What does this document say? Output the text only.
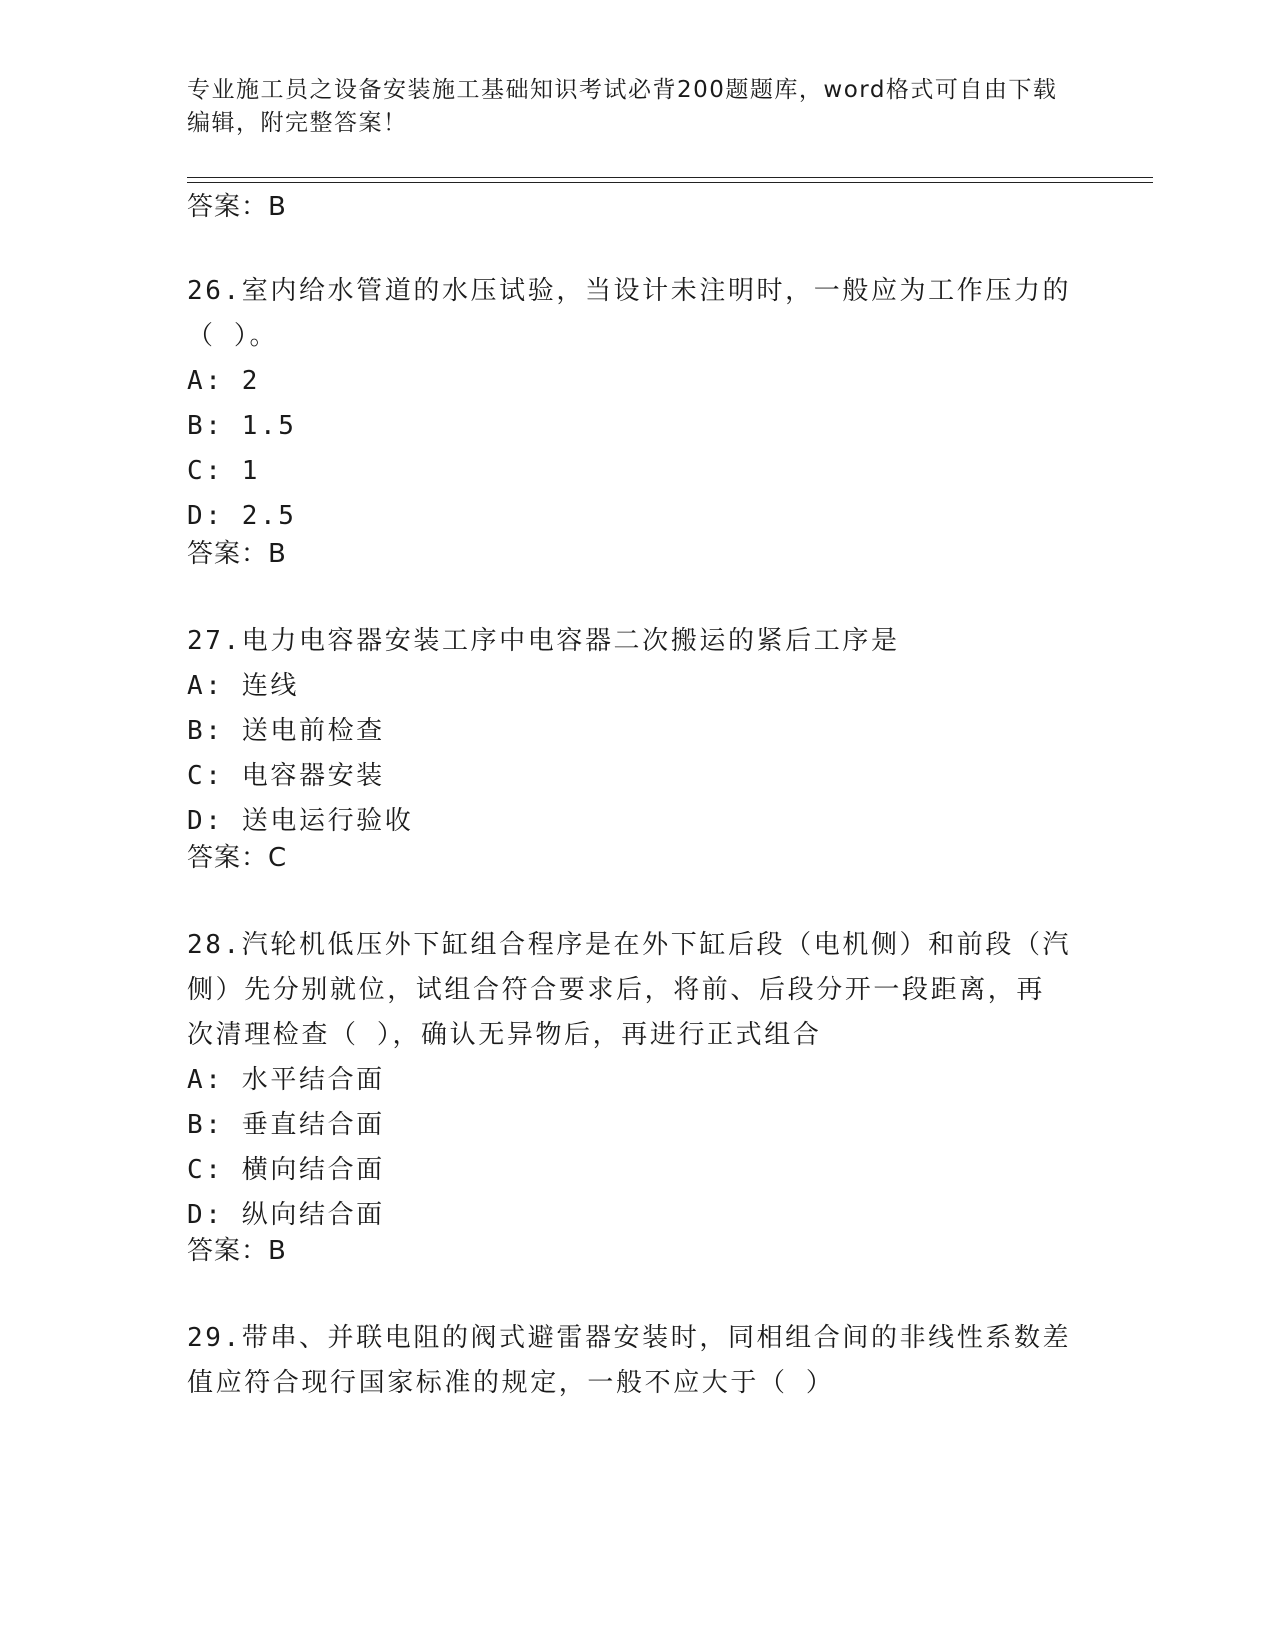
专业施工员之设备安装施工基础知识考试必背200题题库，word格式可自由下载
编辑，附完整答案！
答案：B
26.室内给水管道的水压试验，当设计未注明时，一般应为工作压力的
（ ）。
A: 2
B: 1.5
C: 1
D: 2.5
答案：B
27.电力电容器安装工序中电容器二次搬运的紧后工序是
A: 连线
B: 送电前检查
C: 电容器安装
D: 送电运行验收
答案：C
28.汽轮机低压外下缸组合程序是在外下缸后段（电机侧）和前段（汽
侧）先分别就位，试组合符合要求后，将前、后段分开一段距离，再
次清理检查（ ），确认无异物后，再进行正式组合
A: 水平结合面
B: 垂直结合面
C: 横向结合面
D: 纵向结合面
答案：B
29.带串、并联电阻的阀式避雷器安装时，同相组合间的非线性系数差
值应符合现行国家标准的规定，一般不应大于（ ）
